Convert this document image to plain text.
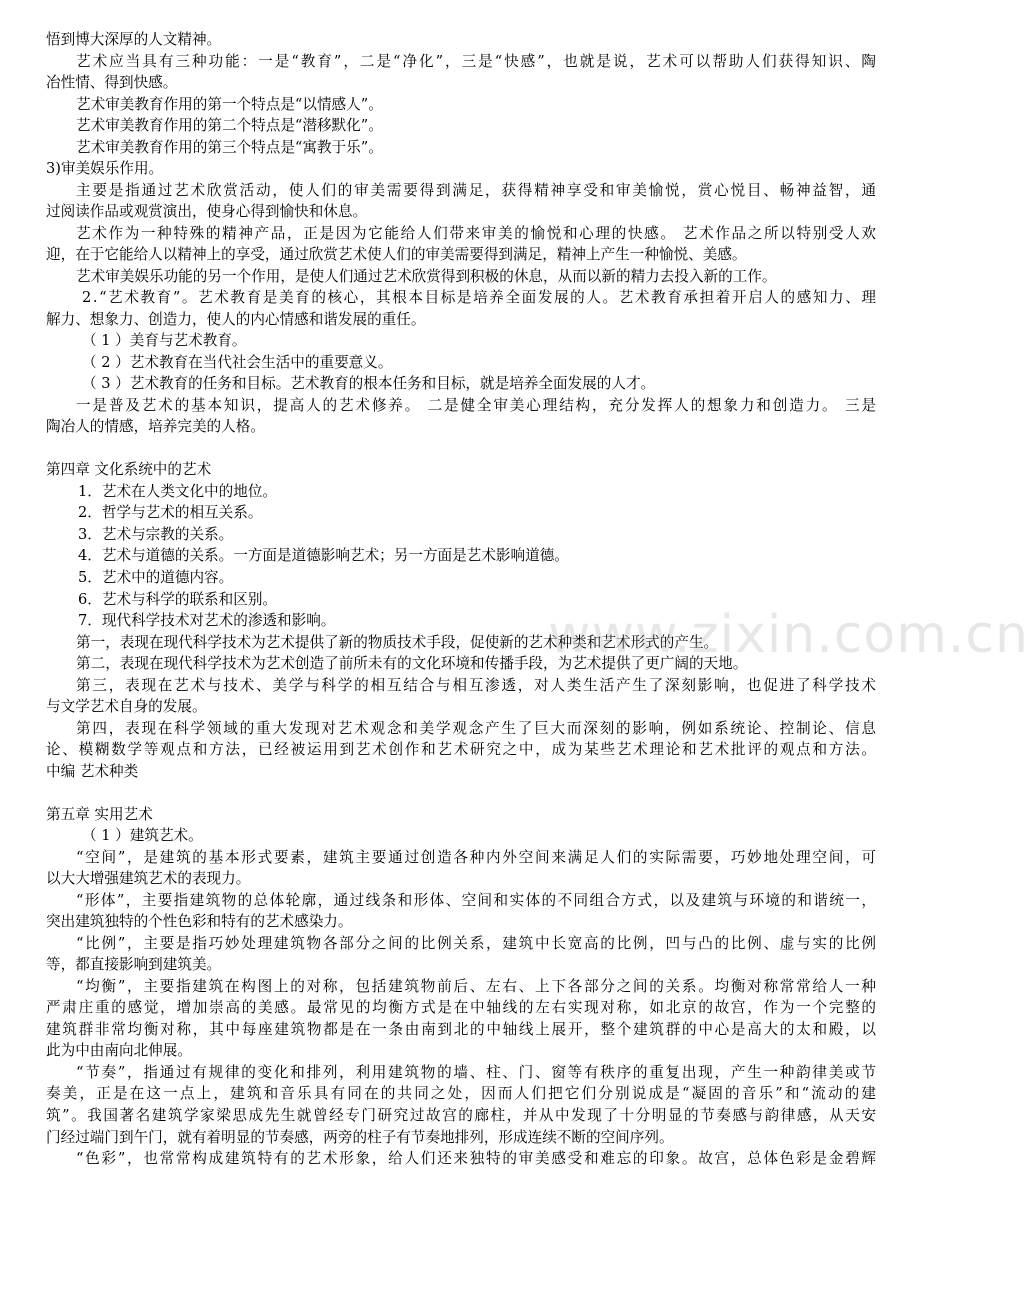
悟到博大深厚的人文精神。
艺术应当具有三种功能：一是“教育”，二是“净化”，三是“快感”，也就是说，艺术可以帮助人们获得知识、陶
冶性情、得到快感。
艺术审美教育作用的第一个特点是“以情感人”。
艺术审美教育作用的第二个特点是“潜移默化”。
艺术审美教育作用的第三个特点是“寓教于乐”。
3)审美娱乐作用。
主要是指通过艺术欣赏活动，使人们的审美需要得到满足，获得精神享受和审美愉悦，赏心悦目、畅神益智，通
过阅读作品或观赏演出，使身心得到愉快和休息。
艺术作为一种特殊的精神产品，正是因为它能给人们带来审美的愉悦和心理的快感。 艺术作品之所以特别受人欢
迎，在于它能给人以精神上的享受，通过欣赏艺术使人们的审美需要得到满足，精神上产生一种愉悦、美感。
艺术审美娱乐功能的另一个作用，是使人们通过艺术欣赏得到积极的休息，从而以新的精力去投入新的工作。
2.“艺术教育”。艺术教育是美育的核心，其根本目标是培养全面发展的人。艺术教育承担着开启人的感知力、理
解力、想象力、创造力，使人的内心情感和谐发展的重任。
（ 1 ）美育与艺术教育。
（ 2 ）艺术教育在当代社会生活中的重要意义。
（ 3 ）艺术教育的任务和目标。艺术教育的根本任务和目标，就是培养全面发展的人才。
一是普及艺术的基本知识，提高人的艺术修养。 二是健全审美心理结构，充分发挥人的想象力和创造力。 三是
陶冶人的情感，培养完美的人格。
第四章 文化系统中的艺术
1．艺术在人类文化中的地位。
2．哲学与艺术的相互关系。
3．艺术与宗教的关系。
4．艺术与道德的关系。一方面是道德影响艺术；另一方面是艺术影响道德。
5．艺术中的道德内容。
6．艺术与科学的联系和区别。
7．现代科学技术对艺术的渗透和影响。
第一，表现在现代科学技术为艺术提供了新的物质技术手段，促使新的艺术种类和艺术形式的产生。
第二，表现在现代科学技术为艺术创造了前所未有的文化环境和传播手段，为艺术提供了更广阔的天地。
第三，表现在艺术与技术、美学与科学的相互结合与相互渗透，对人类生活产生了深刻影响，也促进了科学技术
与文学艺术自身的发展。
第四，表现在科学领域的重大发现对艺术观念和美学观念产生了巨大而深刻的影响，例如系统论、控制论、信息
论、模糊数学等观点和方法，已经被运用到艺术创作和艺术研究之中，成为某些艺术理论和艺术批评的观点和方法。
中编 艺术种类
第五章 实用艺术
（ 1 ）建筑艺术。
“空间”，是建筑的基本形式要素，建筑主要通过创造各种内外空间来满足人们的实际需要，巧妙地处理空间，可
以大大增强建筑艺术的表现力。
“形体”，主要指建筑物的总体轮廓，通过线条和形体、空间和实体的不同组合方式，以及建筑与环境的和谐统一，
突出建筑独特的个性色彩和特有的艺术感染力。
“比例”，主要是指巧妙处理建筑物各部分之间的比例关系，建筑中长宽高的比例，凹与凸的比例、虚与实的比例
等，都直接影响到建筑美。
“均衡”，主要指建筑在构图上的对称，包括建筑物前后、左右、上下各部分之间的关系。均衡对称常常给人一种
严肃庄重的感觉，增加崇高的美感。最常见的均衡方式是在中轴线的左右实现对称，如北京的故宫，作为一个完整的
建筑群非常均衡对称，其中每座建筑物都是在一条由南到北的中轴线上展开，整个建筑群的中心是高大的太和殿，以
此为中由南向北伸展。
“节奏”，指通过有规律的变化和排列，利用建筑物的墙、柱、门、窗等有秩序的重复出现，产生一种韵律美或节
奏美，正是在这一点上，建筑和音乐具有同在的共同之处，因而人们把它们分别说成是“凝固的音乐”和“流动的建
筑”。我国著名建筑学家梁思成先生就曾经专门研究过故宫的廊柱，并从中发现了十分明显的节奏感与韵律感，从天安
门经过端门到午门，就有着明显的节奏感，两旁的柱子有节奏地排列，形成连续不断的空间序列。
“色彩”，也常常构成建筑特有的艺术形象，给人们还来独特的审美感受和难忘的印象。故宫，总体色彩是金碧辉
www.zixin.com.cn
